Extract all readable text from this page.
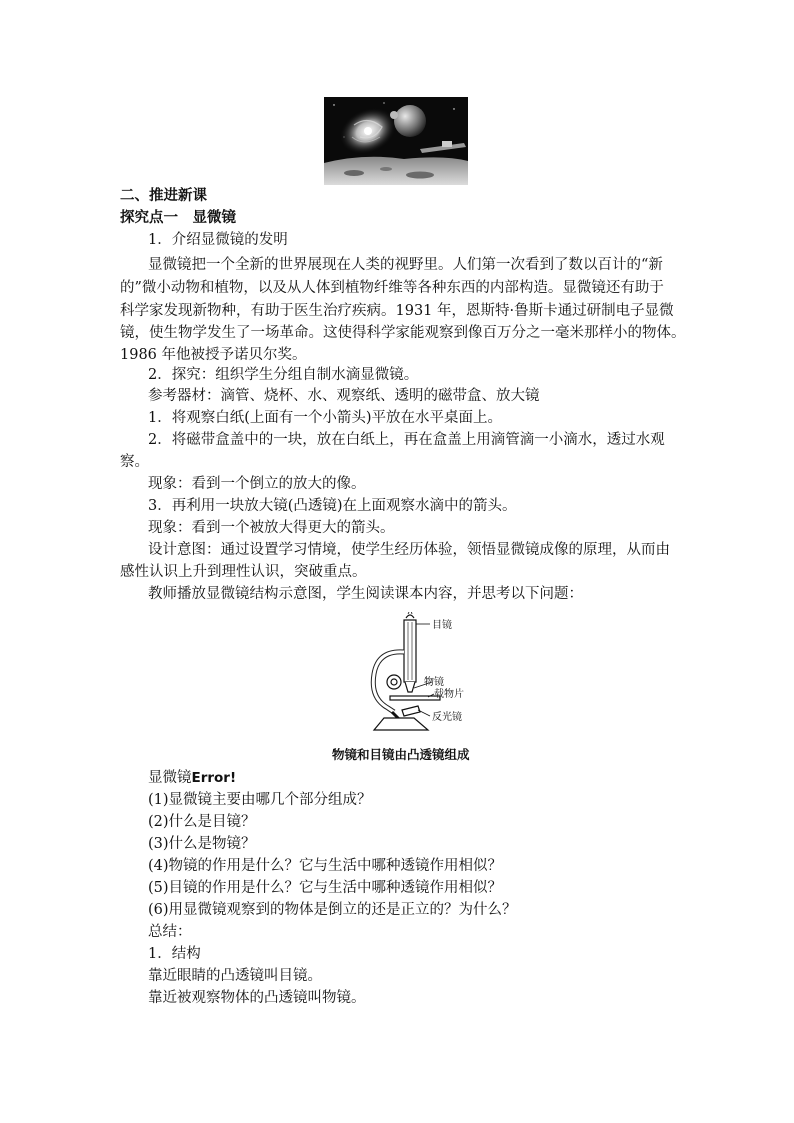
二、推进新课
探究点一　显微镜
1．介绍显微镜的发明
显微镜把一个全新的世界展现在人类的视野里。人们第一次看到了数以百计的“新
的”微小动物和植物，以及从人体到植物纤维等各种东西的内部构造。显微镜还有助于
科学家发现新物种，有助于医生治疗疾病。1931 年，恩斯特·鲁斯卡通过研制电子显微
镜，使生物学发生了一场革命。这使得科学家能观察到像百万分之一毫米那样小的物体。
1986 年他被授予诺贝尔奖。
2．探究：组织学生分组自制水滴显微镜。
参考器材：滴管、烧杯、水、观察纸、透明的磁带盒、放大镜
1．将观察白纸(上面有一个小箭头)平放在水平桌面上。
2．将磁带盒盖中的一块，放在白纸上，再在盒盖上用滴管滴一小滴水，透过水观
察。
现象：看到一个倒立的放大的像。
3．再利用一块放大镜(凸透镜)在上面观察水滴中的箭头。
现象：看到一个被放大得更大的箭头。
设计意图：通过设置学习情境，使学生经历体验，领悟显微镜成像的原理，从而由
感性认识上升到理性认识，突破重点。
教师播放显微镜结构示意图，学生阅读课本内容，并思考以下问题：
目镜
物镜
载物片
反光镜
物镜和目镜由凸透镜组成
显微镜Error!
(1)显微镜主要由哪几个部分组成？
(2)什么是目镜？
(3)什么是物镜？
(4)物镜的作用是什么？它与生活中哪种透镜作用相似？
(5)目镜的作用是什么？它与生活中哪种透镜作用相似？
(6)用显微镜观察到的物体是倒立的还是正立的？为什么？
总结：
1．结构
靠近眼睛的凸透镜叫目镜。
靠近被观察物体的凸透镜叫物镜。
